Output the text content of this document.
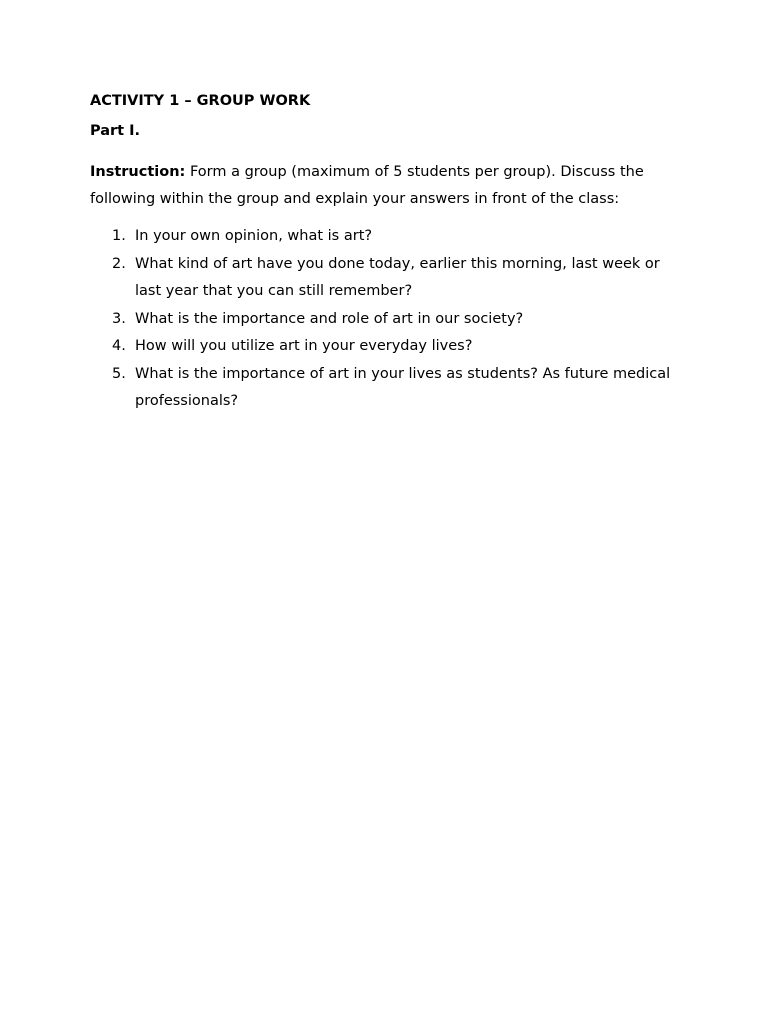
ACTIVITY 1 – GROUP WORK

Part I.

Instruction: Form a group (maximum of 5 students per group). Discuss the following within the group and explain your answers in front of the class:

1. In your own opinion, what is art?
2. What kind of art have you done today, earlier this morning, last week or last year that you can still remember?
3. What is the importance and role of art in our society?
4. How will you utilize art in your everyday lives?
5. What is the importance of art in your lives as students? As future medical professionals?
